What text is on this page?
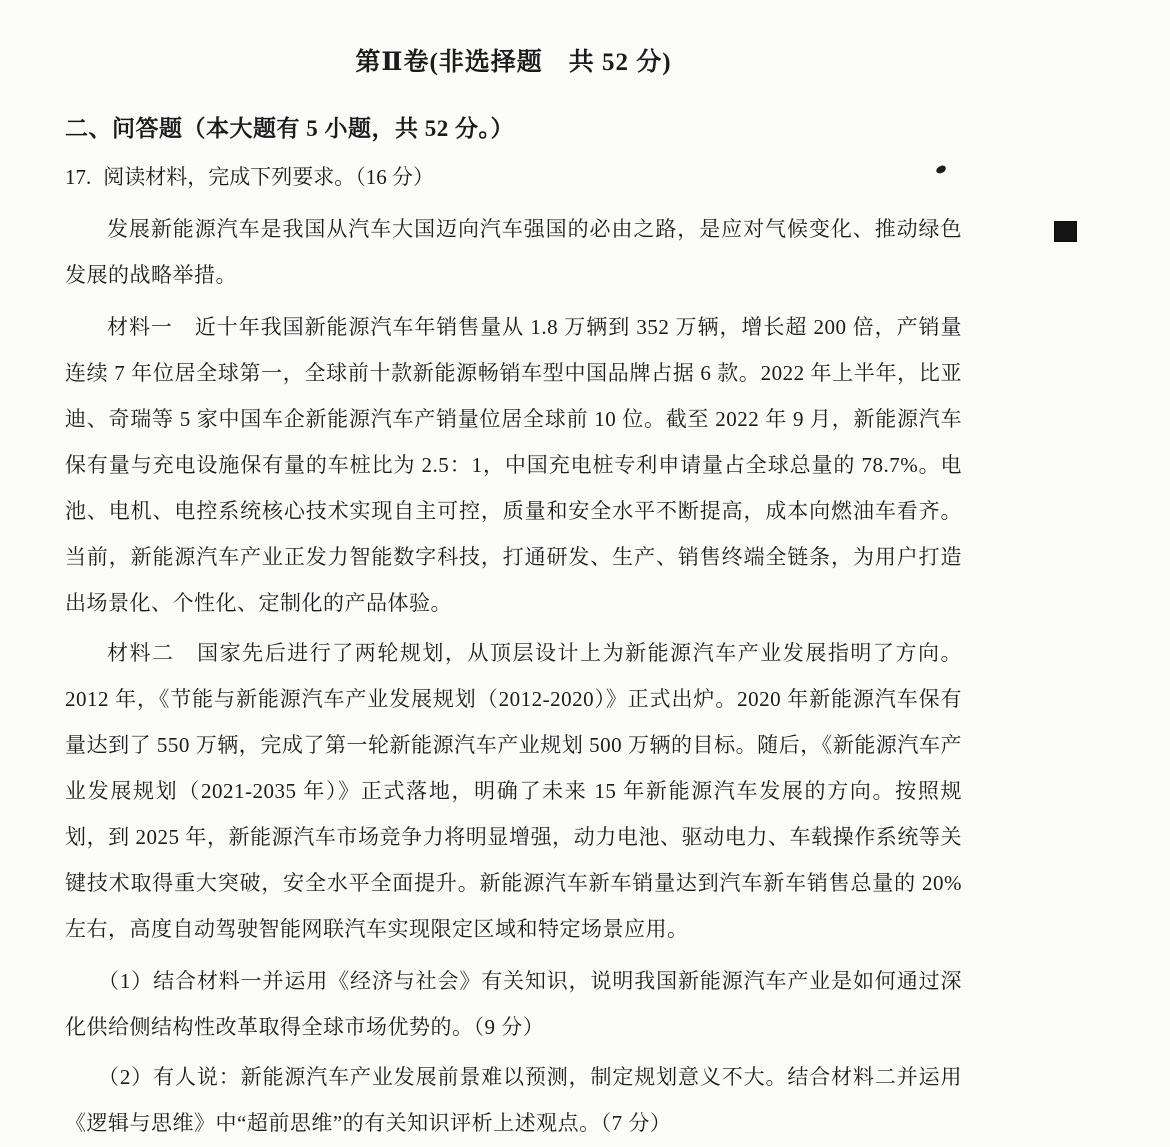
第Ⅱ卷(非选择题　共 52 分)
二、问答题（本大题有 5 小题，共 52 分。）
17. 阅读材料，完成下列要求。（16 分）

发展新能源汽车是我国从汽车大国迈向汽车强国的必由之路，是应对气候变化、推动绿色发展的战略举措。

材料一　近十年我国新能源汽车年销售量从 1.8 万辆到 352 万辆，增长超 200 倍，产销量连续 7 年位居全球第一，全球前十款新能源畅销车型中国品牌占据 6 款。2022 年上半年，比亚迪、奇瑞等 5 家中国车企新能源汽车产销量位居全球前 10 位。截至 2022 年 9 月，新能源汽车保有量与充电设施保有量的车桩比为 2.5：1，中国充电桩专利申请量占全球总量的 78.7%。电池、电机、电控系统核心技术实现自主可控，质量和安全水平不断提高，成本向燃油车看齐。当前，新能源汽车产业正发力智能数字科技，打通研发、生产、销售终端全链条，为用户打造出场景化、个性化、定制化的产品体验。

材料二　国家先后进行了两轮规划，从顶层设计上为新能源汽车产业发展指明了方向。2012 年，《节能与新能源汽车产业发展规划（2012-2020）》正式出炉。2020 年新能源汽车保有量达到了 550 万辆，完成了第一轮新能源汽车产业规划 500 万辆的目标。随后，《新能源汽车产业发展规划（2021-2035 年）》正式落地，明确了未来 15 年新能源汽车发展的方向。按照规划，到 2025 年，新能源汽车市场竞争力将明显增强，动力电池、驱动电力、车载操作系统等关键技术取得重大突破，安全水平全面提升。新能源汽车新车销量达到汽车新车销售总量的 20%左右，高度自动驾驶智能网联汽车实现限定区域和特定场景应用。

（1）结合材料一并运用《经济与社会》有关知识，说明我国新能源汽车产业是如何通过深化供给侧结构性改革取得全球市场优势的。（9 分）

（2）有人说：新能源汽车产业发展前景难以预测，制定规划意义不大。结合材料二并运用《逻辑与思维》中“超前思维”的有关知识评析上述观点。（7 分）
